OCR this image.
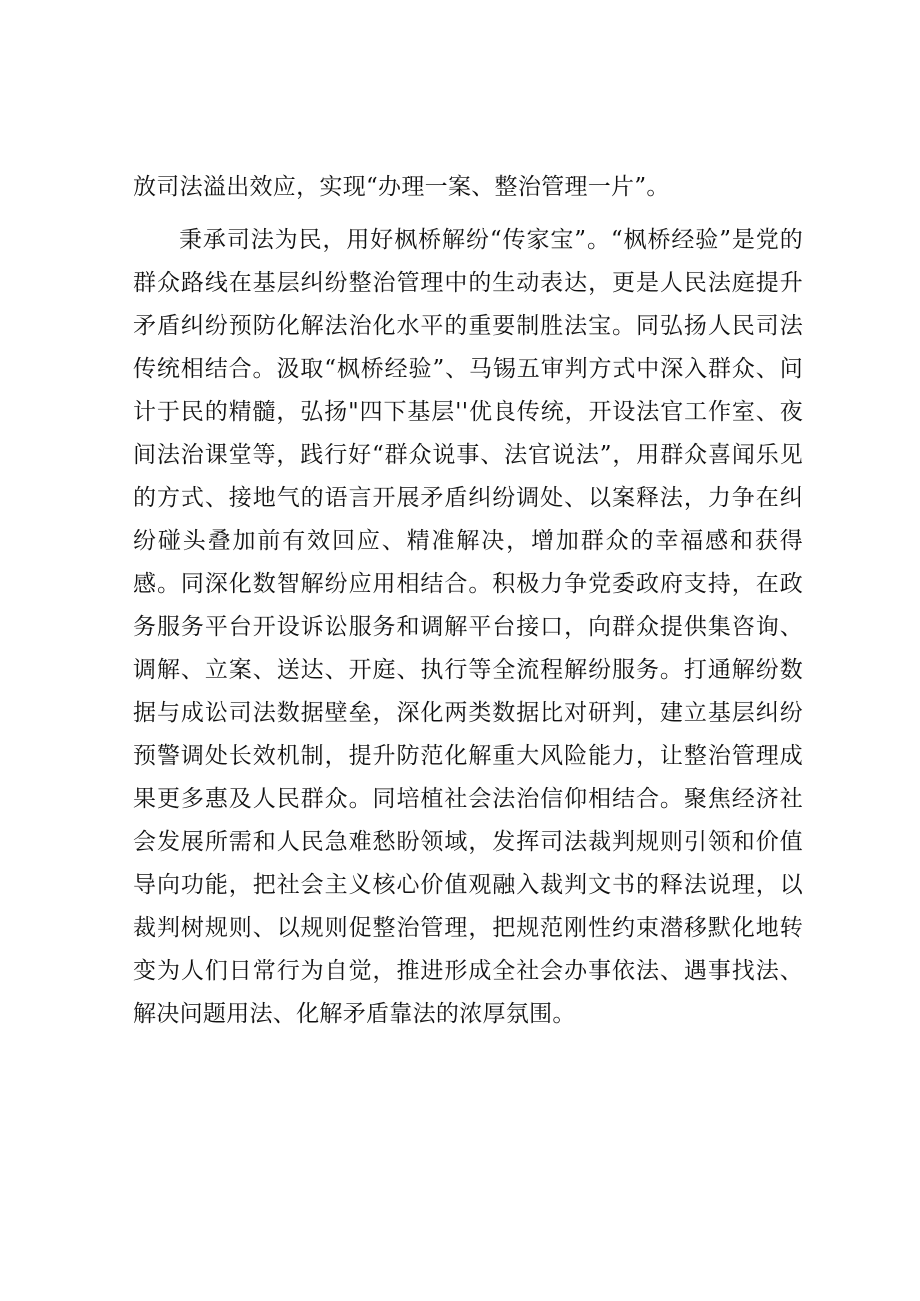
放司法溢出效应，实现“办理一案、整治管理一片”。

秉承司法为民，用好枫桥解纷“传家宝”。“枫桥经验”是党的群众路线在基层纠纷整治管理中的生动表达，更是人民法庭提升矛盾纠纷预防化解法治化水平的重要制胜法宝。同弘扬人民司法传统相结合。汲取“枫桥经验”、马锡五审判方式中深入群众、问计于民的精髓，弘扬"四下基层''优良传统，开设法官工作室、夜间法治课堂等，践行好“群众说事、法官说法”，用群众喜闻乐见的方式、接地气的语言开展矛盾纠纷调处、以案释法，力争在纠纷碰头叠加前有效回应、精准解决，增加群众的幸福感和获得感。同深化数智解纷应用相结合。积极力争党委政府支持，在政务服务平台开设诉讼服务和调解平台接口，向群众提供集咨询、调解、立案、送达、开庭、执行等全流程解纷服务。打通解纷数据与成讼司法数据壁垒，深化两类数据比对研判，建立基层纠纷预警调处长效机制，提升防范化解重大风险能力，让整治管理成果更多惠及人民群众。同培植社会法治信仰相结合。聚焦经济社会发展所需和人民急难愁盼领域，发挥司法裁判规则引领和价值导向功能，把社会主义核心价值观融入裁判文书的释法说理，以裁判树规则、以规则促整治管理，把规范刚性约束潜移默化地转变为人们日常行为自觉，推进形成全社会办事依法、遇事找法、解决问题用法、化解矛盾靠法的浓厚氛围。
